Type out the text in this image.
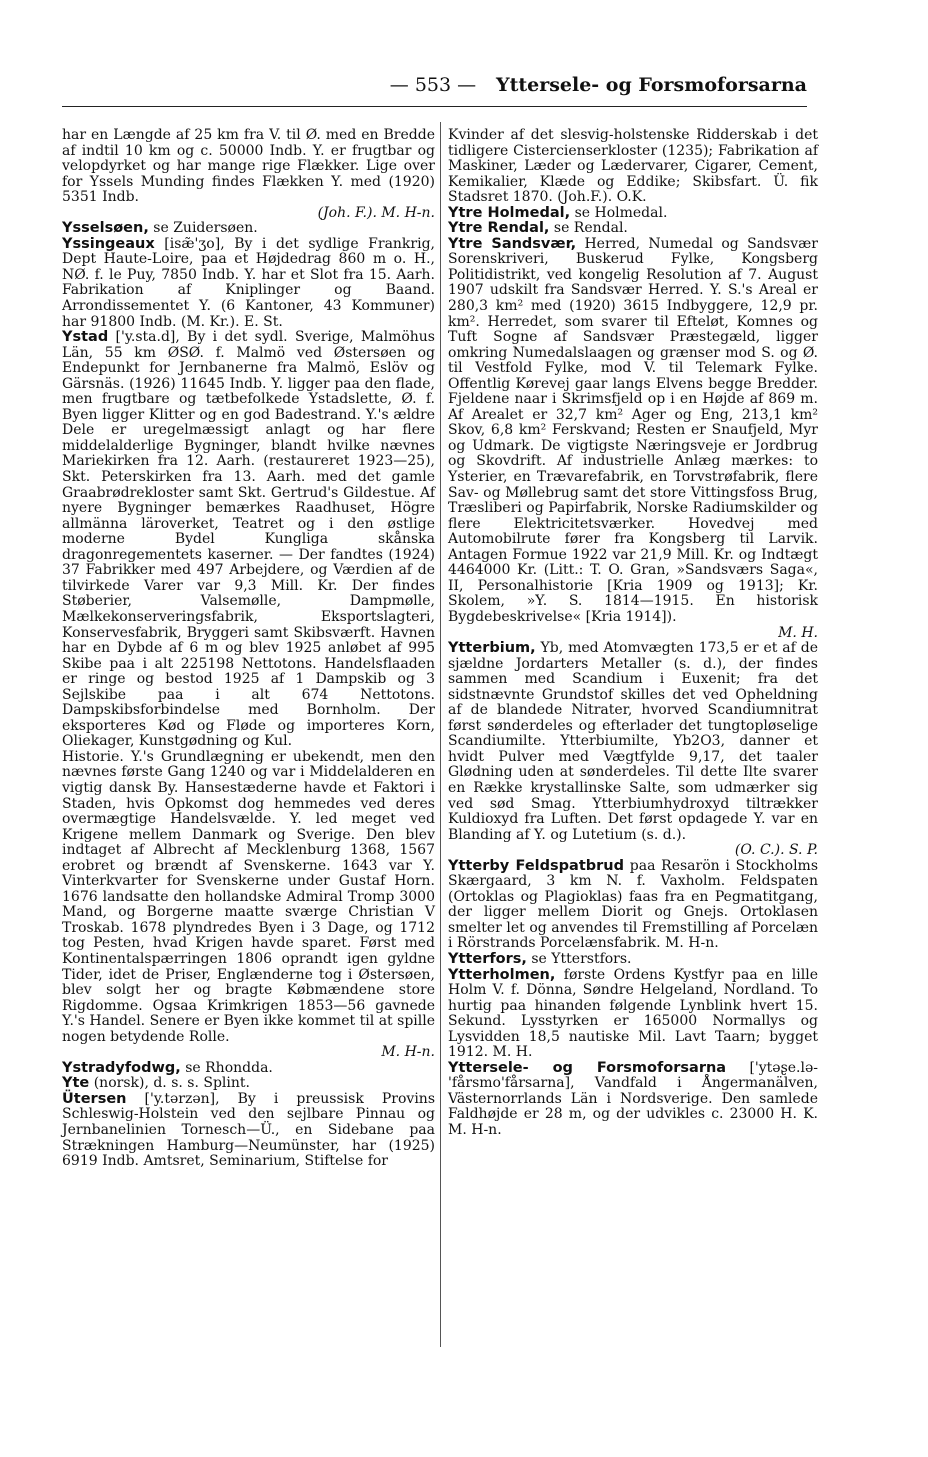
— 553 — Yttersele- og Forsmoforsarna

har en Længde af 25 km fra V. til Ø. med en Bredde af indtil 10 km og c. 50000 Indb. Y. er frugtbar og velopdyrket og har mange rige Flækker. Lige over for Yssels Munding findes Flækken Y. med (1920) 5351 Indb.

(Joh. F.). M. H-n.

Ysselsøen, se Zuidersøen.

Yssingeaux [isæ̃'ʒo], By i det sydlige Frankrig, Dept Haute-Loire, paa et Højdedrag 860 m o. H., NØ. f. le Puy, 7850 Indb. Y. har et Slot fra 15. Aarh. Fabrikation af Kniplinger og Baand. Arrondissementet Y. (6 Kantoner, 43 Kommuner) har 91800 Indb. (M. Kr.). E. St.

Ystad ['y.sta.d], By i det sydl. Sverige, Malmöhus Län, 55 km ØSØ. f. Malmö ved Østersøen og Endepunkt for Jernbanerne fra Malmö, Eslöv og Gärsnäs. (1926) 11645 Indb. Y. ligger paa den flade, men frugtbare og tætbefolkede Ystadslette, Ø. f. Byen ligger Klitter og en god Badestrand. Y.'s ældre Dele er uregelmæssigt anlagt og har flere middelalderlige Bygninger, blandt hvilke nævnes Mariekirken fra 12. Aarh. (restaureret 1923—25), Skt. Peterskirken fra 13. Aarh. med det gamle Graabrødrekloster samt Skt. Gertrud's Gildestue. Af nyere Bygninger bemærkes Raadhuset, Högre allmänna läroverket, Teatret og i den østlige moderne Bydel Kungliga skånska dragonregementets kaserner. — Der fandtes (1924) 37 Fabrikker med 497 Arbejdere, og Værdien af de tilvirkede Varer var 9,3 Mill. Kr. Der findes Støberier, Valsemølle, Dampmølle, Mælkekonserveringsfabrik, Eksportslagteri, Konservesfabrik, Bryggeri samt Skibsværft. Havnen har en Dybde af 6 m og blev 1925 anløbet af 995 Skibe paa i alt 225198 Nettotons. Handelsflaaden er ringe og bestod 1925 af 1 Dampskib og 3 Sejlskibe paa i alt 674 Nettotons. Dampskibsforbindelse med Bornholm. Der eksporteres Kød og Fløde og importeres Korn, Oliekager, Kunstgødning og Kul.

Historie. Y.'s Grundlægning er ubekendt, men den nævnes første Gang 1240 og var i Middelalderen en vigtig dansk By. Hansestæderne havde et Faktori i Staden, hvis Opkomst dog hemmedes ved deres overmægtige Handelsvælde. Y. led meget ved Krigene mellem Danmark og Sverige. Den blev indtaget af Albrecht af Mecklenburg 1368, 1567 erobret og brændt af Svenskerne. 1643 var Y. Vinterkvarter for Svenskerne under Gustaf Horn. 1676 landsatte den hollandske Admiral Tromp 3000 Mand, og Borgerne maatte sværge Christian V Troskab. 1678 plyndredes Byen i 3 Dage, og 1712 tog Pesten, hvad Krigen havde sparet. Først med Kontinentalspærringen 1806 oprandt igen gyldne Tider, idet de Priser, Englænderne tog i Østersøen, blev solgt her og bragte Købmændene store Rigdomme. Ogsaa Krimkrigen 1853—56 gavnede Y.'s Handel. Senere er Byen ikke kommet til at spille nogen betydende Rolle.

M. H-n.

Ystradyfodwg, se Rhondda.

Yte (norsk), d. s. s. Splint.

Ütersen ['y.tərzən], By i preussisk Provins Schleswig-Holstein ved den sejlbare Pinnau og Jernbanelinien Tornesch—Ü., en Sidebane paa Strækningen Hamburg—Neumünster, har (1925) 6919 Indb. Amtsret, Seminarium, Stiftelse for

Kvinder af det slesvig-holstenske Ridderskab i det tidligere Cistercienserkloster (1235); Fabrikation af Maskiner, Læder og Lædervarer, Cigarer, Cement, Kemikalier, Klæde og Eddike; Skibsfart. Ü. fik Stadsret 1870. (Joh.F.). O.K.

Ytre Holmedal, se Holmedal.

Ytre Rendal, se Rendal.

Ytre Sandsvær, Herred, Numedal og Sandsvær Sorenskriveri, Buskerud Fylke, Kongsberg Politidistrikt, ved kongelig Resolution af 7. August 1907 udskilt fra Sandsvær Herred. Y. S.'s Areal er 280,3 km² med (1920) 3615 Indbyggere, 12,9 pr. km². Herredet, som svarer til Efteløt, Komnes og Tuft Sogne af Sandsvær Præstegæld, ligger omkring Numedalslaagen og grænser mod S. og Ø. til Vestfold Fylke, mod V. til Telemark Fylke. Offentlig Kørevej gaar langs Elvens begge Bredder. Fjeldene naar i Skrimsfjeld op i en Højde af 869 m. Af Arealet er 32,7 km² Ager og Eng, 213,1 km² Skov, 6,8 km² Ferskvand; Resten er Snaufjeld, Myr og Udmark. De vigtigste Næringsveje er Jordbrug og Skovdrift. Af industrielle Anlæg mærkes: to Ysterier, en Trævarefabrik, en Torvstrøfabrik, flere Sav- og Møllebrug samt det store Vittingsfoss Brug, Træsliberi og Papirfabrik, Norske Radiumskilder og flere Elektricitetsværker. Hovedvej med Automobilrute fører fra Kongsberg til Larvik. Antagen Formue 1922 var 21,9 Mill. Kr. og Indtægt 4464000 Kr. (Litt.: T. O. Gran, »Sandsværs Saga«, II, Personalhistorie [Kria 1909 og 1913]; Kr. Skolem, »Y. S. 1814—1915. En historisk Bygdebeskrivelse« [Kria 1914]).

M. H.

Ytterbium, Yb, med Atomvægten 173,5 er et af de sjældne Jordarters Metaller (s. d.), der findes sammen med Scandium i Euxenit; fra det sidstnævnte Grundstof skilles det ved Opheldning af de blandede Nitrater, hvorved Scandiumnitrat først sønderdeles og efterlader det tungtopløselige Scandiumilte. Ytterbiumilte, Yb2O3, danner et hvidt Pulver med Vægtfylde 9,17, det taaler Glødning uden at sønderdeles. Til dette Ilte svarer en Række krystallinske Salte, som udmærker sig ved sød Smag. Ytterbiumhydroxyd tiltrækker Kuldioxyd fra Luften. Det først opdagede Y. var en Blanding af Y. og Lutetium (s. d.).

(O. C.). S. P.

Ytterby Feldspatbrud paa Resarön i Stockholms Skærgaard, 3 km N. f. Vaxholm. Feldspaten (Ortoklas og Plagioklas) faas fra en Pegmatitgang, der ligger mellem Diorit og Gnejs. Ortoklasen smelter let og anvendes til Fremstilling af Porcelæn i Rörstrands Porcelænsfabrik. M. H-n.

Ytterfors, se Ytterstfors.

Ytterholmen, første Ordens Kystfyr paa en lille Holm V. f. Dönna, Søndre Helgeland, Nordland. To hurtig paa hinanden følgende Lynblink hvert 15. Sekund. Lysstyrken er 165000 Normallys og Lysvidden 18,5 nautiske Mil. Lavt Taarn; bygget 1912. M. H.

Yttersele- og Forsmoforsarna ['ytəʂe.lə-'fårsmo'fårsarna], Vandfald i Ångermanälven, Västernorrlands Län i Nordsverige. Den samlede Faldhøjde er 28 m, og der udvikles c. 23000 H. K. M. H-n.
